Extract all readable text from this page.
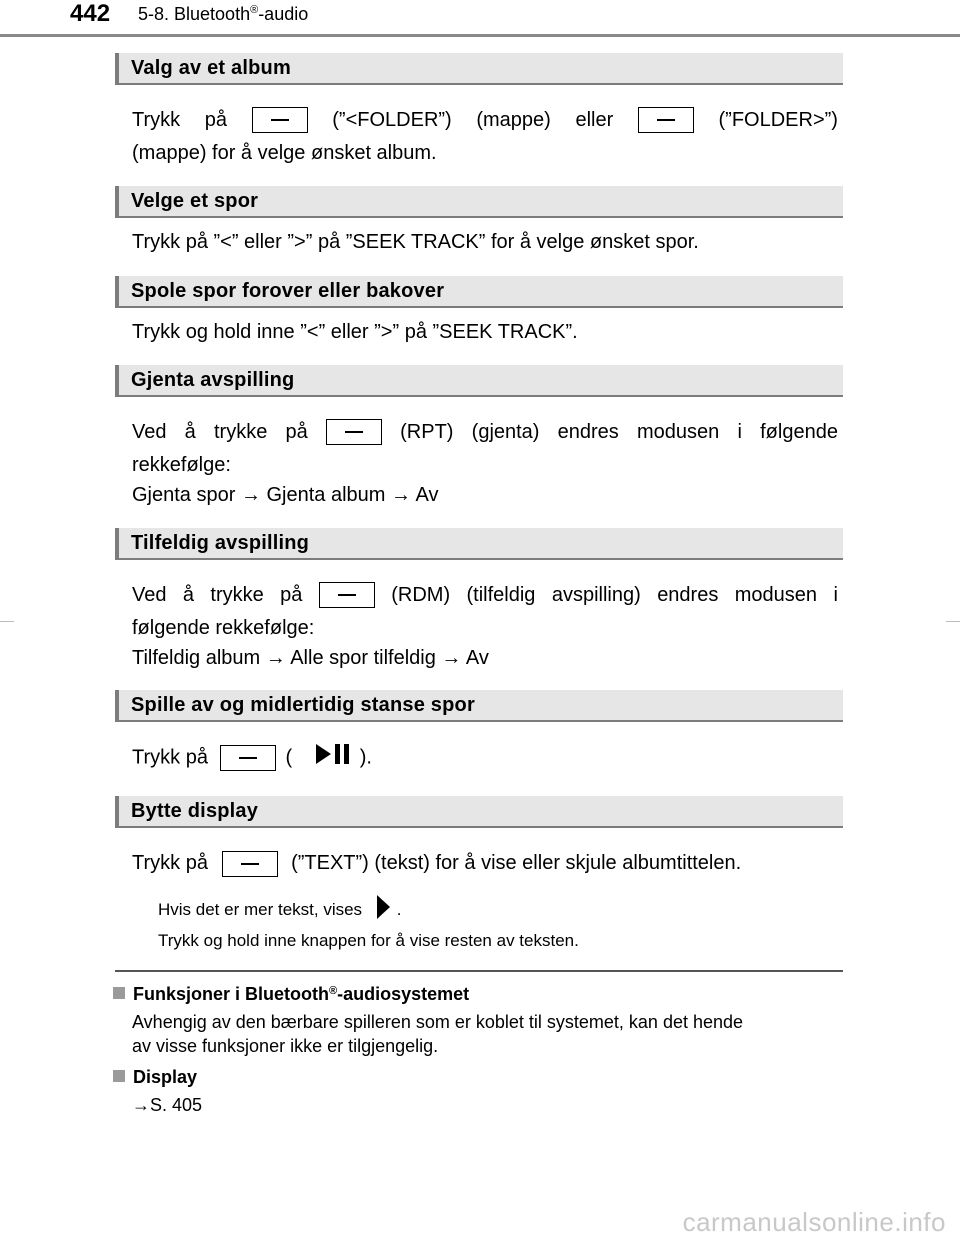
442 5-8. Bluetooth®-audio
Valg av et album
Trykk på	(”<FOLDER”) (mappe) eller	(”FOLDER>”)
(mappe) for å velge ønsket album.
Velge et spor
Trykk på ”<” eller ”>” på ”SEEK TRACK” for å velge ønsket spor.
Spole spor forover eller bakover
Trykk og hold inne ”<” eller ”>” på ”SEEK TRACK”.
Gjenta avspilling
Ved å trykke på	(RPT) (gjenta) endres modusen i følgende
rekkefølge:
Gjenta spor → Gjenta album → Av
Tilfeldig avspilling
Ved å trykke på	(RDM) (tilfeldig avspilling) endres modusen i
følgende rekkefølge:
Tilfeldig album → Alle spor tilfeldig → Av
Spille av og midlertidig stanse spor
Trykk på	(	).
Bytte display
Trykk på	(”TEXT”) (tekst) for å vise eller skjule albumtittelen.
Hvis det er mer tekst, vises .
Trykk og hold inne knappen for å vise resten av teksten.
Funksjoner i Bluetooth®-audiosystemet
Avhengig av den bærbare spilleren som er koblet til systemet, kan det hende
av visse funksjoner ikke er tilgjengelig.
Display
→S. 405
carmanualsonline.info
